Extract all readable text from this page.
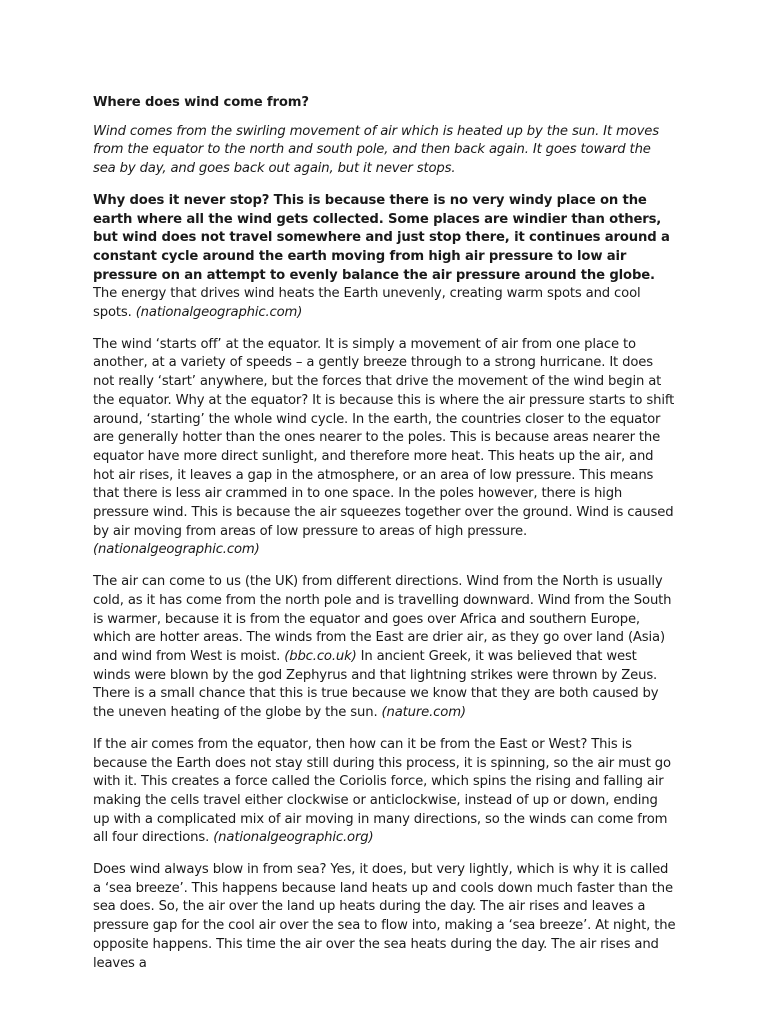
Where does wind come from?

Wind comes from the swirling movement of air which is heated up by the sun. It moves from the equator to the north and south pole, and then back again. It goes toward the sea by day, and goes back out again, but it never stops.

Why does it never stop? This is because there is no very windy place on the earth where all the wind gets collected. Some places are windier than others, but wind does not travel somewhere and just stop there, it continues around a constant cycle around the earth moving from high air pressure to low air pressure on an attempt to evenly balance the air pressure around the globe. The energy that drives wind heats the Earth unevenly, creating warm spots and cool spots. (nationalgeographic.com)

The wind ‘starts off’ at the equator. It is simply a movement of air from one place to another, at a variety of speeds – a gently breeze through to a strong hurricane. It does not really ‘start’ anywhere, but the forces that drive the movement of the wind begin at the equator. Why at the equator? It is because this is where the air pressure starts to shift around, ‘starting’ the whole wind cycle. In the earth, the countries closer to the equator are generally hotter than the ones nearer to the poles. This is because areas nearer the equator have more direct sunlight, and therefore more heat. This heats up the air, and hot air rises, it leaves a gap in the atmosphere, or an area of low pressure. This means that there is less air crammed in to one space. In the poles however, there is high pressure wind. This is because the air squeezes together over the ground. Wind is caused by air moving from areas of low pressure to areas of high pressure. (nationalgeographic.com)

The air can come to us (the UK) from different directions. Wind from the North is usually cold, as it has come from the north pole and is travelling downward. Wind from the South is warmer, because it is from the equator and goes over Africa and southern Europe, which are hotter areas. The winds from the East are drier air, as they go over land (Asia) and wind from West is moist. (bbc.co.uk) In ancient Greek, it was believed that west winds were blown by the god Zephyrus and that lightning strikes were thrown by Zeus. There is a small chance that this is true because we know that they are both caused by the uneven heating of the globe by the sun. (nature.com)

If the air comes from the equator, then how can it be from the East or West? This is because the Earth does not stay still during this process, it is spinning, so the air must go with it. This creates a force called the Coriolis force, which spins the rising and falling air making the cells travel either clockwise or anticlockwise, instead of up or down, ending up with a complicated mix of air moving in many directions, so the winds can come from all four directions. (nationalgeographic.org)

Does wind always blow in from sea? Yes, it does, but very lightly, which is why it is called a ‘sea breeze’. This happens because land heats up and cools down much faster than the sea does. So, the air over the land up heats during the day. The air rises and leaves a pressure gap for the cool air over the sea to flow into, making a ‘sea breeze’. At night, the opposite happens. This time the air over the sea heats during the day. The air rises and leaves a
